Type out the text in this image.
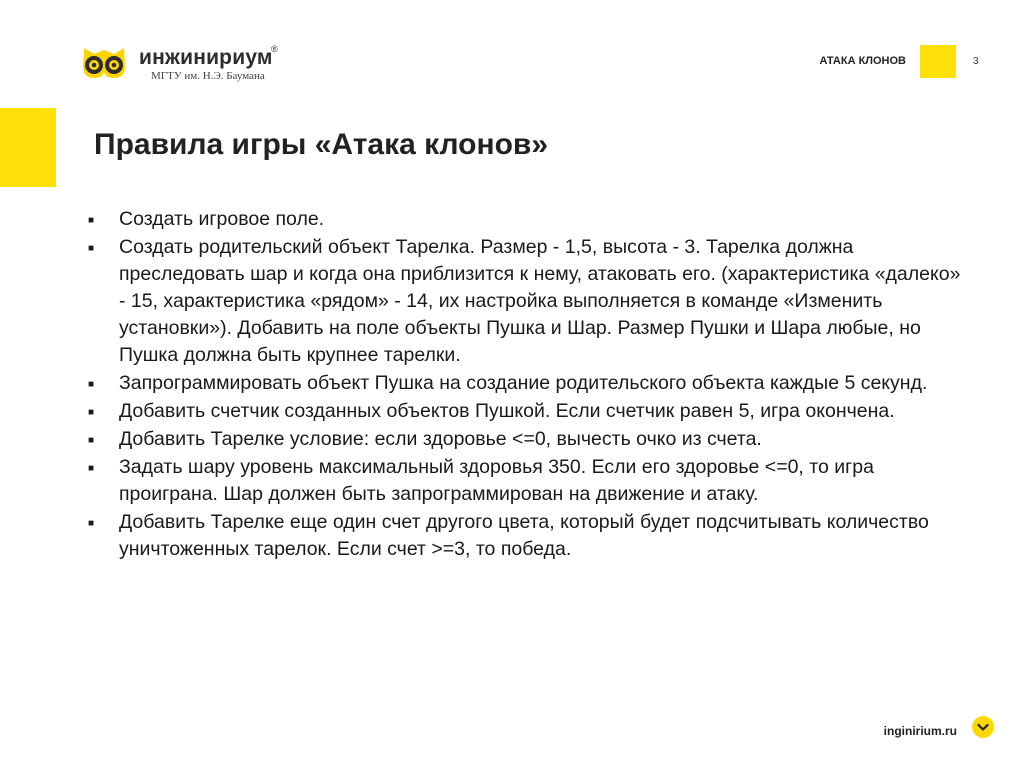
инжинириум
®
МГТУ им. Н.Э. Баумана
АТАКА КЛОНОВ	3
Правила игры «Атака клонов»
■ Создать игровое поле.
■ Создать родительский объект Тарелка. Размер - 1,5, высота - 3. Тарелка должна преследовать шар и когда она приблизится к нему, атаковать его. (характеристика «далеко» - 15, характеристика «рядом» - 14, их настройка выполняется в команде «Изменить установки»). Добавить на поле объекты Пушка и Шар. Размер Пушки и Шара любые, но Пушка должна быть крупнее тарелки.
■ Запрограммировать объект Пушка на создание родительского объекта каждые 5 секунд.
■ Добавить счетчик созданных объектов Пушкой. Если счетчик равен 5, игра окончена.
■ Добавить Тарелке условие: если здоровье <=0, вычесть очко из счета.
■ Задать шару уровень максимальный здоровья 350. Если его здоровье <=0, то игра проиграна. Шар должен быть запрограммирован на движение и атаку.
■ Добавить Тарелке еще один счет другого цвета, который будет подсчитывать количество уничтоженных тарелок. Если счет >=3, то победа.
inginirium.ru
